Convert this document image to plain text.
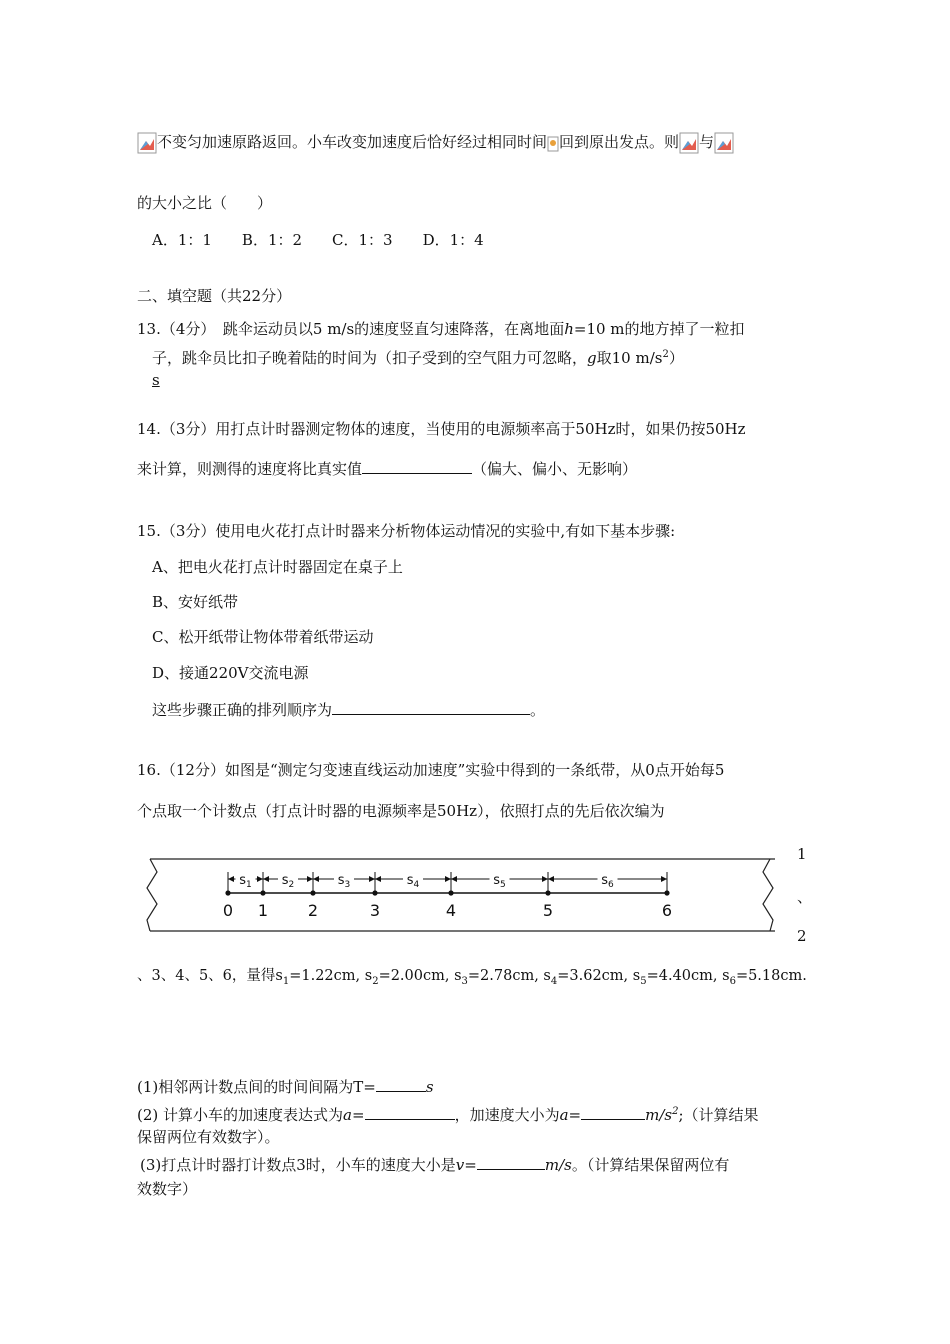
不变匀加速原路返回。小车改变加速度后恰好经过相同时间 回到原出发点。则 与
的大小之比（　　）
A．1：1　　B．1：2　　C．1：3　　D．1：4
二、填空题（共22分）
13.（4分）　跳伞运动员以5 m/s的速度竖直匀速降落，在离地面h=10 m的地方掉了一粒扣
子，跳伞员比扣子晚着陆的时间为（扣子受到的空气阻力可忽略，g取10 $m/s^2$）
s
14.（3分）用打点计时器测定物体的速度，当使用的电源频率高于50Hz时，如果仍按50Hz
来计算，则测得的速度将比真实值	（偏大、偏小、无影响）
15.（3分）使用电火花打点计时器来分析物体运动情况的实验中,有如下基本步骤:
A、把电火花打点计时器固定在桌子上
B、安好纸带
C、松开纸带让物体带着纸带运动
D、接通220V交流电源
这些步骤正确的排列顺序为	。
16.（12分）如图是“测定匀变速直线运动加速度”实验中得到的一条纸带，从0点开始每5
个点取一个计数点（打点计时器的电源频率是50Hz），依照打点的先后依次编为
1
、
2
0 1 2	3	4	5	6
$s_1$ $s_2$	$s_3$	$s_4$	$s_5$	$s_6$
、3、4、5、6，量得$s_1=1.22cm$, $s_2=2.00cm$, $s_3=2.78cm$, $s_4=3.62cm$, $s_5=4.40cm$, $s_6=5.18cm$.
(1)相邻两计数点间的时间间隔为T=	s
(2) 计算小车的加速度表达式为a=	，加速度大小为a=	$m/s^2$;（计算结果
保留两位有效数字）。
(3)打点计时器打计数点3时，小车的速度大小是v=	m/s。（计算结果保留两位有
效数字）
